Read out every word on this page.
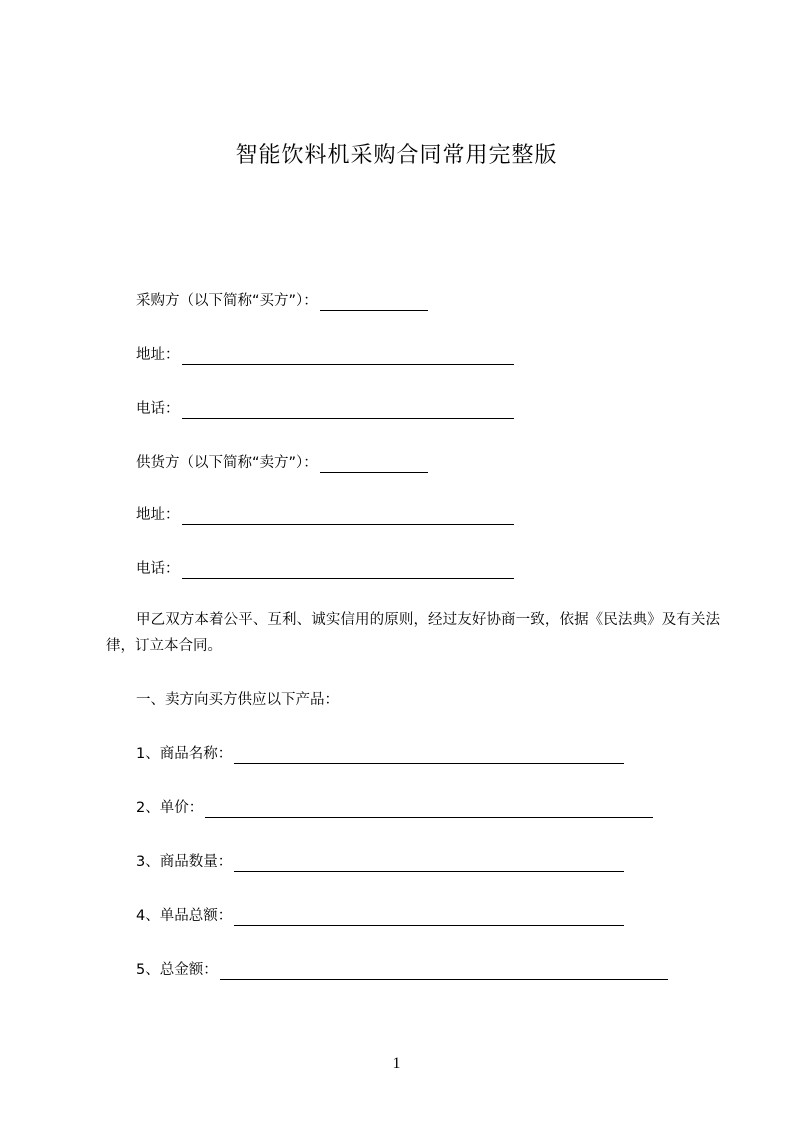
智能饮料机采购合同常用完整版
采购方（以下简称“买方”）：
地址：
电话：
供货方（以下简称“卖方”）：
地址：
电话：
甲乙双方本着公平、互利、诚实信用的原则，经过友好协商一致，依据《民法典》及有关法律，订立本合同。
一、卖方向买方供应以下产品：
1、商品名称：
2、单价：
3、商品数量：
4、单品总额：
5、总金额：
1
